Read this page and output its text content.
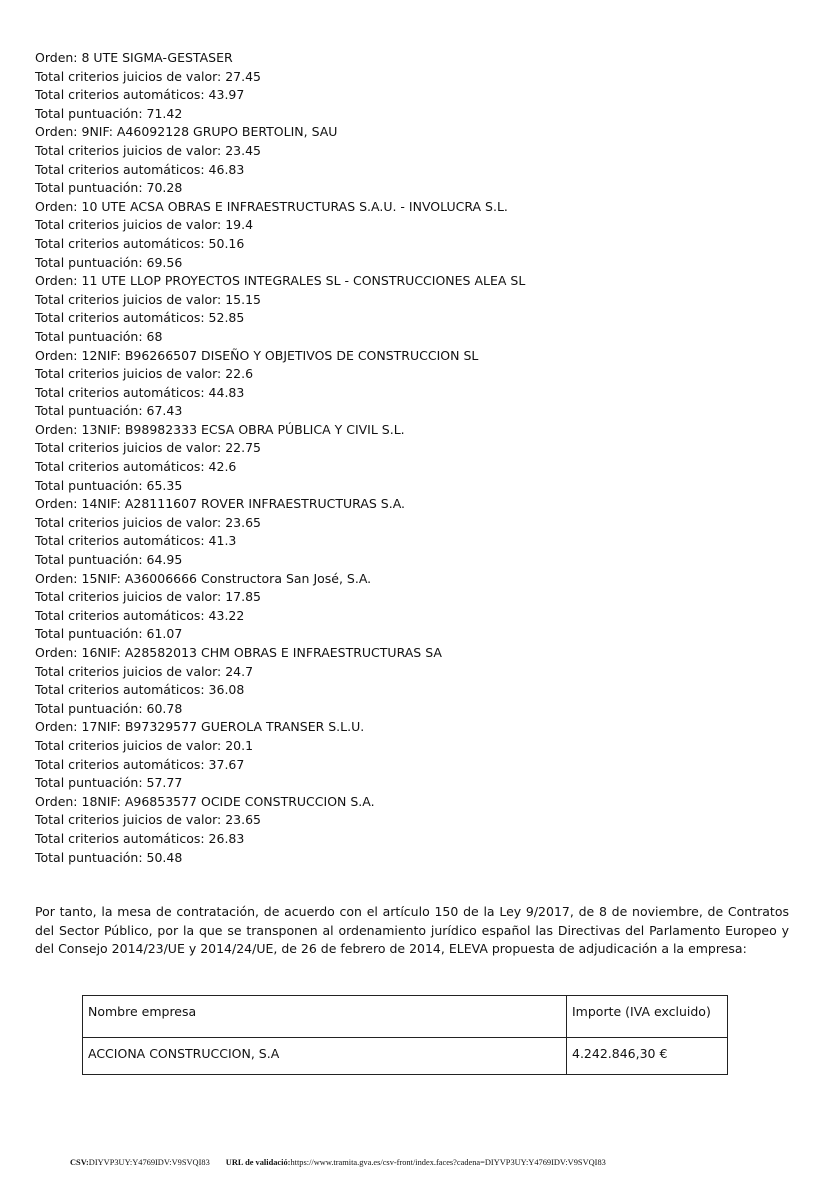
Orden: 8 UTE SIGMA-GESTASER
Total criterios juicios de valor: 27.45
Total criterios automáticos: 43.97
Total puntuación: 71.42
Orden: 9NIF: A46092128 GRUPO BERTOLIN, SAU
Total criterios juicios de valor: 23.45
Total criterios automáticos: 46.83
Total puntuación: 70.28
Orden: 10 UTE ACSA OBRAS E INFRAESTRUCTURAS S.A.U. - INVOLUCRA S.L.
Total criterios juicios de valor: 19.4
Total criterios automáticos: 50.16
Total puntuación: 69.56
Orden: 11 UTE LLOP PROYECTOS INTEGRALES SL - CONSTRUCCIONES ALEA SL
Total criterios juicios de valor: 15.15
Total criterios automáticos: 52.85
Total puntuación: 68
Orden: 12NIF: B96266507 DISEÑO Y OBJETIVOS DE CONSTRUCCION SL
Total criterios juicios de valor: 22.6
Total criterios automáticos: 44.83
Total puntuación: 67.43
Orden: 13NIF: B98982333 ECSA OBRA PÚBLICA Y CIVIL S.L.
Total criterios juicios de valor: 22.75
Total criterios automáticos: 42.6
Total puntuación: 65.35
Orden: 14NIF: A28111607 ROVER INFRAESTRUCTURAS S.A.
Total criterios juicios de valor: 23.65
Total criterios automáticos: 41.3
Total puntuación: 64.95
Orden: 15NIF: A36006666 Constructora San José, S.A.
Total criterios juicios de valor: 17.85
Total criterios automáticos: 43.22
Total puntuación: 61.07
Orden: 16NIF: A28582013 CHM OBRAS E INFRAESTRUCTURAS SA
Total criterios juicios de valor: 24.7
Total criterios automáticos: 36.08
Total puntuación: 60.78
Orden: 17NIF: B97329577 GUEROLA TRANSER S.L.U.
Total criterios juicios de valor: 20.1
Total criterios automáticos: 37.67
Total puntuación: 57.77
Orden: 18NIF: A96853577 OCIDE CONSTRUCCION S.A.
Total criterios juicios de valor: 23.65
Total criterios automáticos: 26.83
Total puntuación: 50.48
Por tanto, la mesa de contratación, de acuerdo con el artículo 150 de la Ley 9/2017, de 8 de noviembre, de Contratos del Sector Público, por la que se transponen al ordenamiento jurídico español las Directivas del Parlamento Europeo y del Consejo 2014/23/UE y 2014/24/UE, de 26 de febrero de 2014, ELEVA propuesta de adjudicación a la empresa:
Nombre empresa	Importe (IVA excluido)
ACCIONA CONSTRUCCION, S.A	4.242.846,30 €
CSV:DIYVP3UY:Y4769IDV:V9SVQI83 URL de validació:https://www.tramita.gva.es/csv-front/index.faces?cadena=DIYVP3UY:Y4769IDV:V9SVQI83
